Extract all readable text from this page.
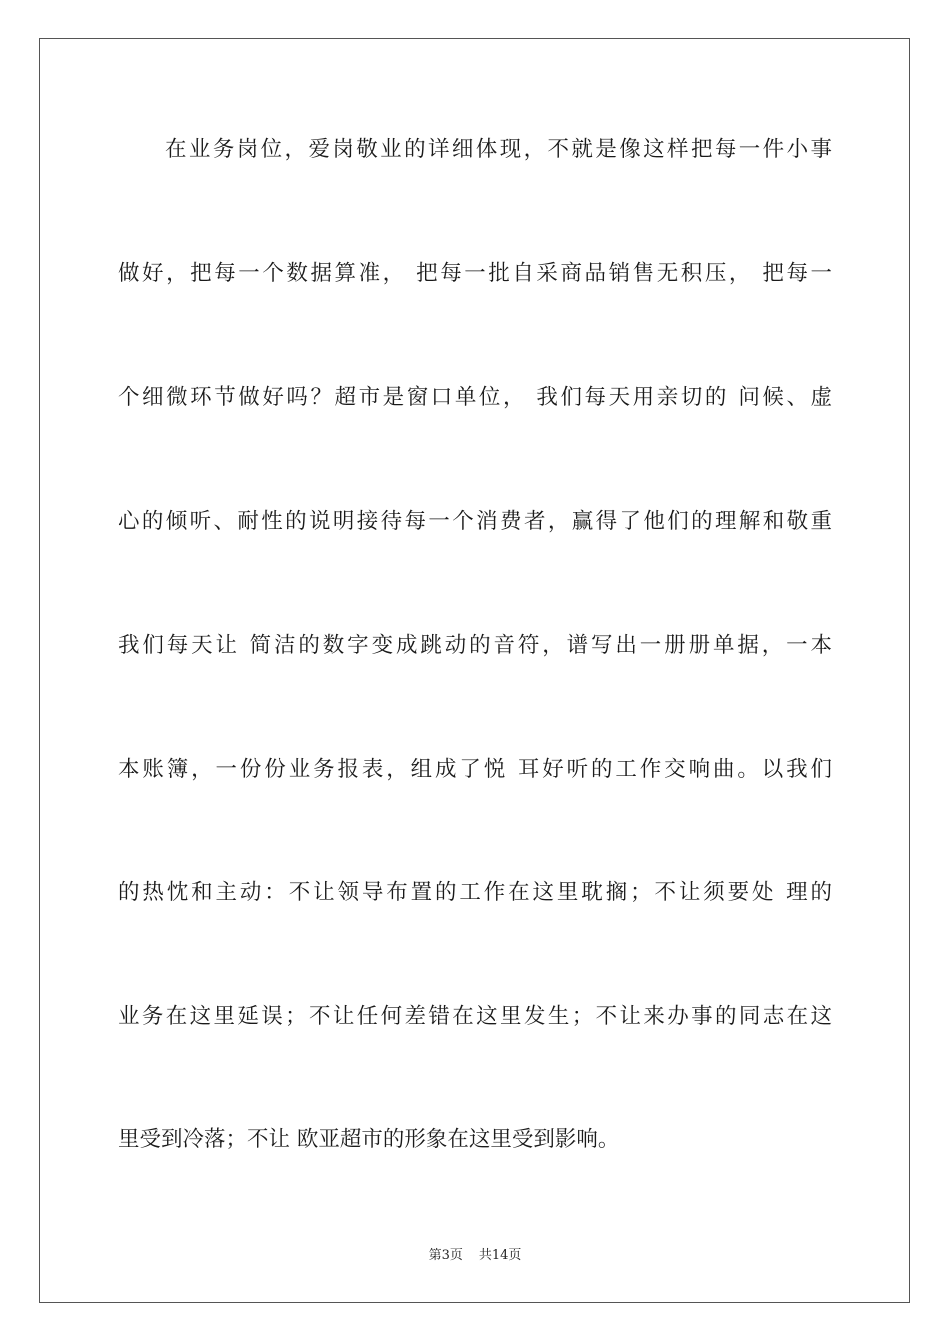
在业务岗位，爱岗敬业的详细体现，不就是像这样把每一件小事
做好，把每一个数据算准， 把每一批自采商品销售无积压， 把每一
个细微环节做好吗？超市是窗口单位， 我们每天用亲切的 问候、虚
心的倾听、耐性的说明接待每一个消费者，赢得了他们的理解和敬重
我们每天让 简洁的数字变成跳动的音符，谱写出一册册单据，一本
本账簿，一份份业务报表，组成了悦 耳好听的工作交响曲。以我们
的热忱和主动：不让领导布置的工作在这里耽搁；不让须要处 理的
业务在这里延误；不让任何差错在这里发生；不让来办事的同志在这
里受到冷落；不让 欧亚超市的形象在这里受到影响。
第3页 共14页
